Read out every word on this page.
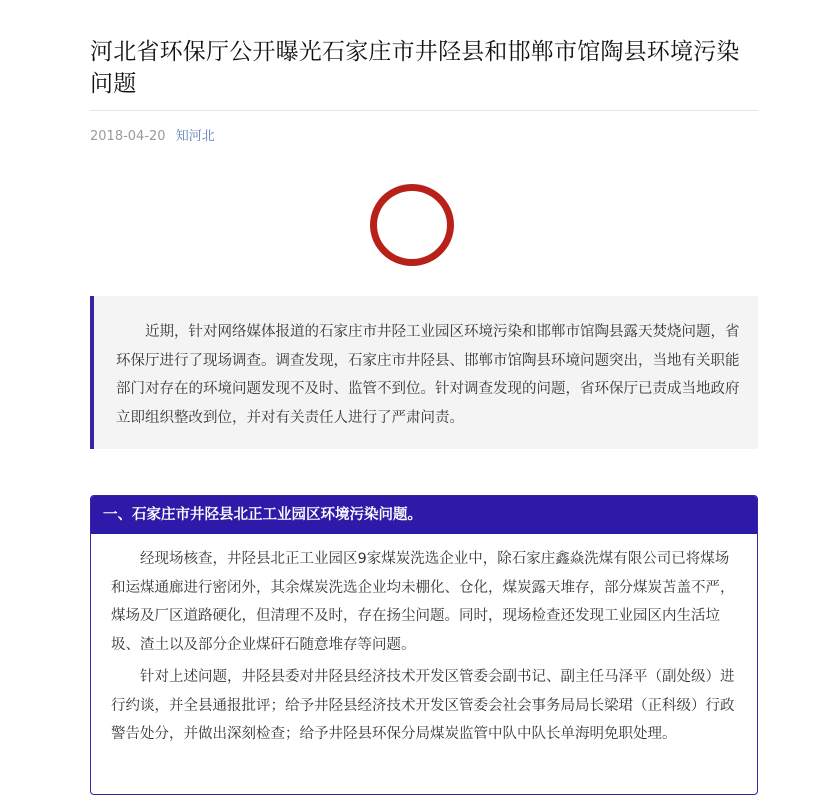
河北省环保厅公开曝光石家庄市井陉县和邯郸市馆陶县环境污染问题
2018-04-20 知河北
近期，针对网络媒体报道的石家庄市井陉工业园区环境污染和邯郸市馆陶县露天焚烧问题，省环保厅进行了现场调查。调查发现，石家庄市井陉县、邯郸市馆陶县环境问题突出，当地有关职能部门对存在的环境问题发现不及时、监管不到位。针对调查发现的问题，省环保厅已责成当地政府立即组织整改到位，并对有关责任人进行了严肃问责。
一、石家庄市井陉县北正工业园区环境污染问题。

经现场核查，井陉县北正工业园区9家煤炭洗选企业中，除石家庄鑫焱洗煤有限公司已将煤场和运煤通廊进行密闭外，其余煤炭洗选企业均未棚化、仓化，煤炭露天堆存，部分煤炭苫盖不严，煤场及厂区道路硬化，但清理不及时，存在扬尘问题。同时，现场检查还发现工业园区内生活垃圾、渣土以及部分企业煤矸石随意堆存等问题。

针对上述问题，井陉县委对井陉县经济技术开发区管委会副书记、副主任马泽平（副处级）进行约谈，并全县通报批评；给予井陉县经济技术开发区管委会社会事务局局长梁珺（正科级）行政警告处分，并做出深刻检查；给予井陉县环保分局煤炭监管中队中队长单海明免职处理。
